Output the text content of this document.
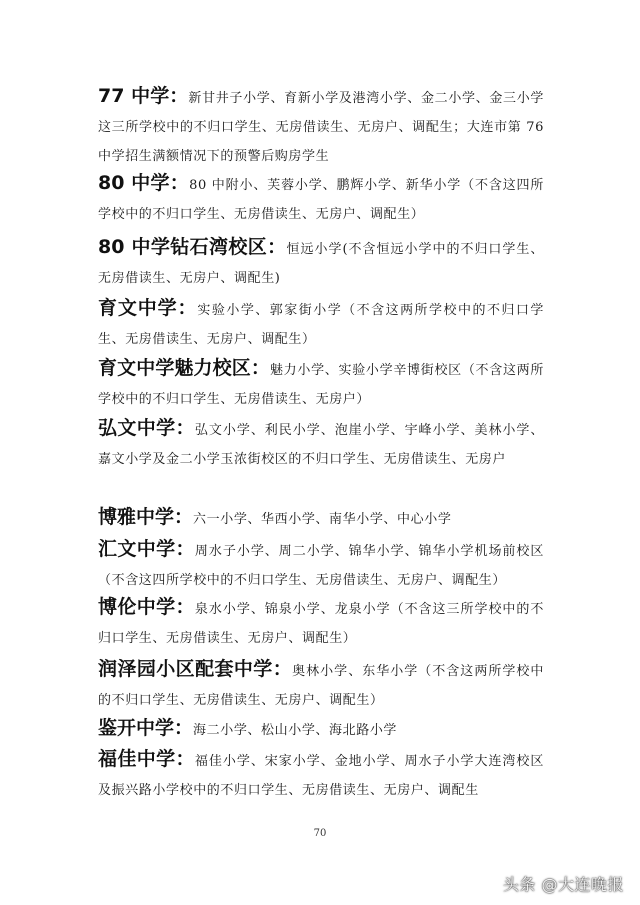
77 中学：新甘井子小学、育新小学及港湾小学、金二小学、金三小学这三所学校中的不归口学生、无房借读生、无房户、调配生；大连市第 76 中学招生满额情况下的预警后购房学生

80 中学：80 中附小、芙蓉小学、鹏辉小学、新华小学（不含这四所学校中的不归口学生、无房借读生、无房户、调配生）

80 中学钻石湾校区：恒远小学(不含恒远小学中的不归口学生、无房借读生、无房户、调配生)

育文中学：实验小学、郭家街小学（不含这两所学校中的不归口学生、无房借读生、无房户、调配生）

育文中学魅力校区：魅力小学、实验小学辛博街校区（不含这两所学校中的不归口学生、无房借读生、无房户）

弘文中学：弘文小学、利民小学、泡崖小学、宇峰小学、美林小学、嘉文小学及金二小学玉浓街校区的不归口学生、无房借读生、无房户

博雅中学：六一小学、华西小学、南华小学、中心小学

汇文中学：周水子小学、周二小学、锦华小学、锦华小学机场前校区（不含这四所学校中的不归口学生、无房借读生、无房户、调配生）

博伦中学：泉水小学、锦泉小学、龙泉小学（不含这三所学校中的不归口学生、无房借读生、无房户、调配生）

润泽园小区配套中学：奥林小学、东华小学（不含这两所学校中的不归口学生、无房借读生、无房户、调配生）

鉴开中学：海二小学、松山小学、海北路小学

福佳中学：福佳小学、宋家小学、金地小学、周水子小学大连湾校区及振兴路小学校中的不归口学生、无房借读生、无房户、调配生

70
头条 @大连晚报
